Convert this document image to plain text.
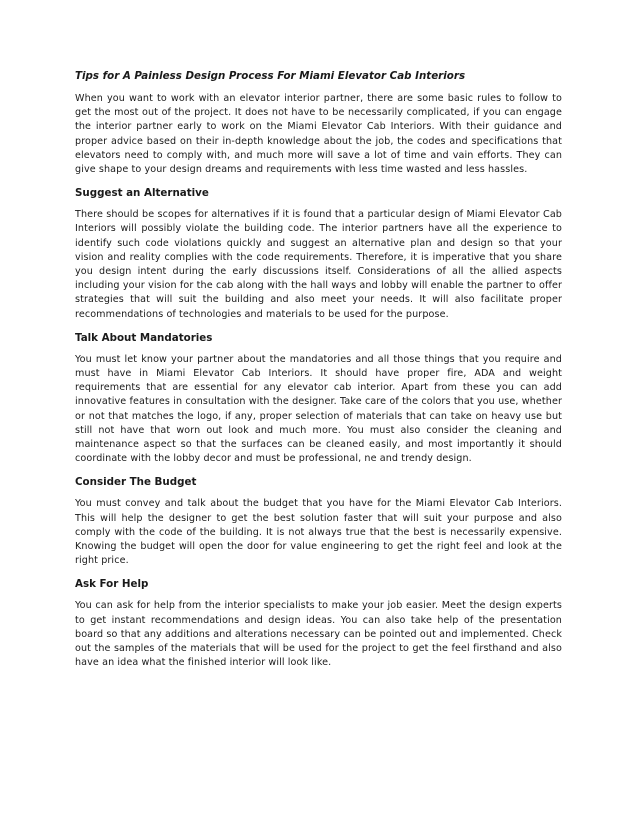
Tips for A Painless Design Process For Miami Elevator Cab Interiors

When you want to work with an elevator interior partner, there are some basic rules to follow to get the most out of the project. It does not have to be necessarily complicated, if you can engage the interior partner early to work on the Miami Elevator Cab Interiors. With their guidance and proper advice based on their in-depth knowledge about the job, the codes and specifications that elevators need to comply with, and much more will save a lot of time and vain efforts. They can give shape to your design dreams and requirements with less time wasted and less hassles.

Suggest an Alternative

There should be scopes for alternatives if it is found that a particular design of Miami Elevator Cab Interiors will possibly violate the building code. The interior partners have all the experience to identify such code violations quickly and suggest an alternative plan and design so that your vision and reality complies with the code requirements. Therefore, it is imperative that you share you design intent during the early discussions itself. Considerations of all the allied aspects including your vision for the cab along with the hall ways and lobby will enable the partner to offer strategies that will suit the building and also meet your needs. It will also facilitate proper recommendations of technologies and materials to be used for the purpose.

Talk About Mandatories

You must let know your partner about the mandatories and all those things that you require and must have in Miami Elevator Cab Interiors. It should have proper fire, ADA and weight requirements that are essential for any elevator cab interior. Apart from these you can add innovative features in consultation with the designer. Take care of the colors that you use, whether or not that matches the logo, if any, proper selection of materials that can take on heavy use but still not have that worn out look and much more. You must also consider the cleaning and maintenance aspect so that the surfaces can be cleaned easily, and most importantly it should coordinate with the lobby decor and must be professional, ne and trendy design.

Consider The Budget

You must convey and talk about the budget that you have for the Miami Elevator Cab Interiors. This will help the designer to get the best solution faster that will suit your purpose and also comply with the code of the building. It is not always true that the best is necessarily expensive. Knowing the budget will open the door for value engineering to get the right feel and look at the right price.

Ask For Help

You can ask for help from the interior specialists to make your job easier. Meet the design experts to get instant recommendations and design ideas. You can also take help of the presentation board so that any additions and alterations necessary can be pointed out and implemented. Check out the samples of the materials that will be used for the project to get the feel firsthand and also have an idea what the finished interior will look like.
